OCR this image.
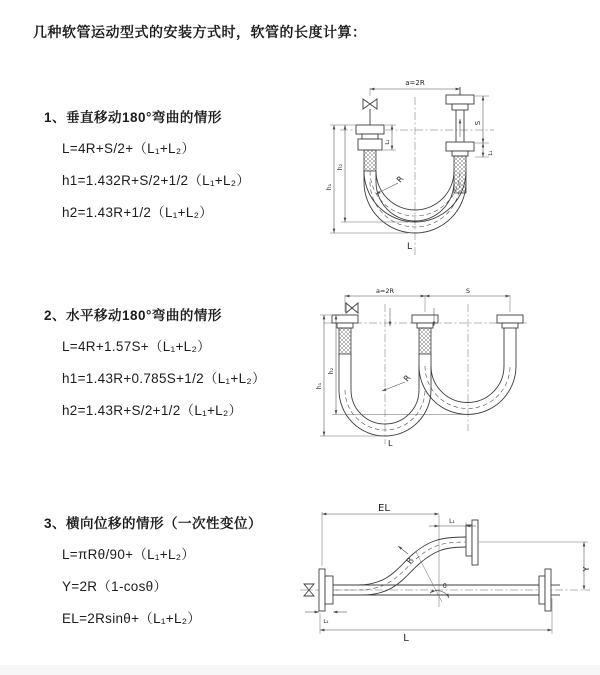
几种软管运动型式的安装方式时，软管的长度计算：
1、垂直移动180°弯曲的情形
L=4R+S/2+（L₁+L₂）
h1=1.432R+S/2+1/2（L₁+L₂）
h2=1.43R+1/2（L₁+L₂）
2、水平移动180°弯曲的情形
L=4R+1.57S+（L₁+L₂）
h1=1.43R+0.785S+1/2（L₁+L₂）
h2=1.43R+S/2+1/2（L₁+L₂）
3、横向位移的情形（一次性变位）
L=πRθ/90+（L₁+L₂）
Y=2R（1-cosθ）
EL=2Rsinθ+（L₁+L₂）
a=2R
S
L₁
h₁
h₂
L₁
R
L
a=2R	S
h₁
h₂
R
L
θ
R
EL
L₁
Y
L
L₁
